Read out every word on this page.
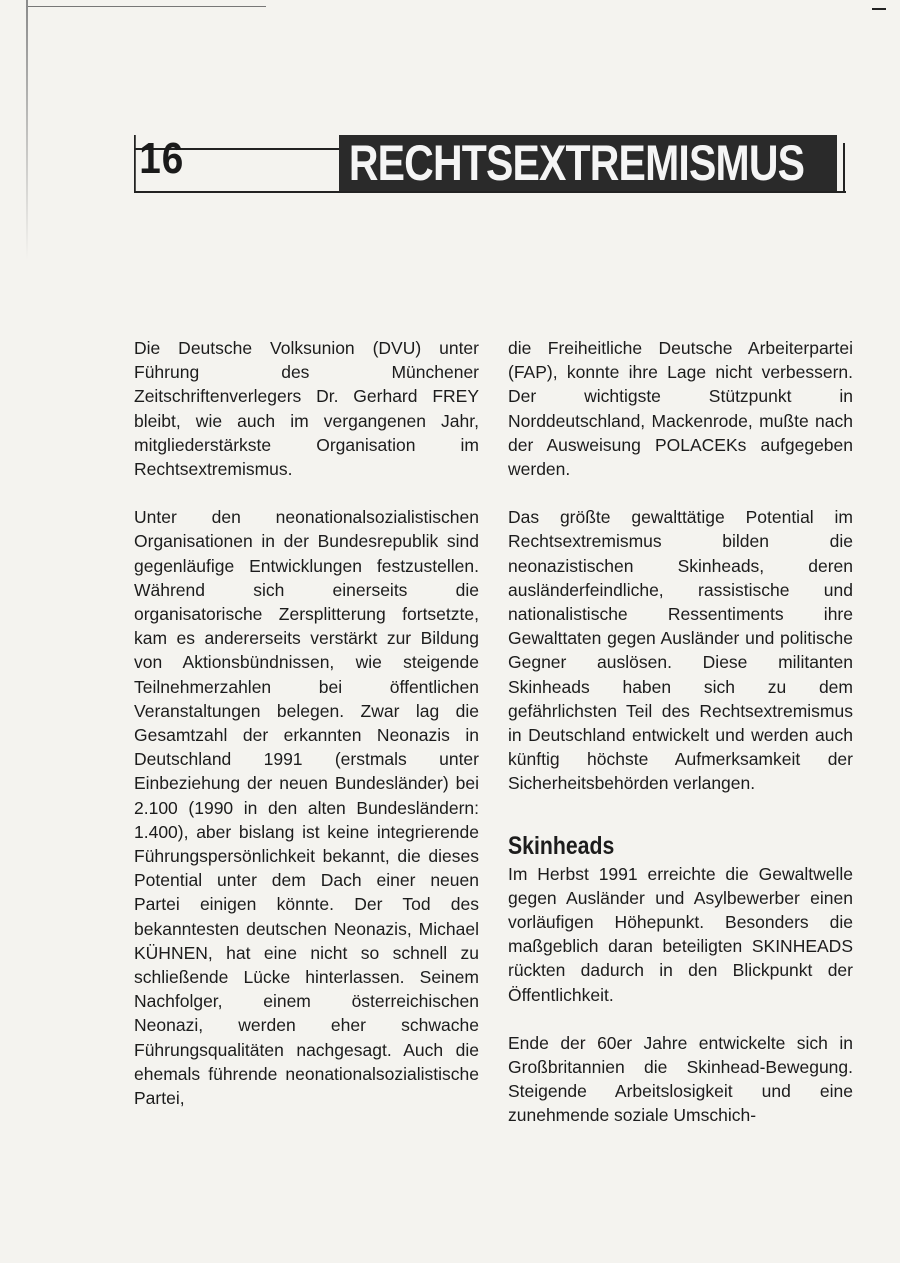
16	RECHTSEXTREMISMUS

Die Deutsche Volksunion (DVU) unter Führung des Münchener Zeitschriftenverlegers Dr. Gerhard FREY bleibt, wie auch im vergangenen Jahr, mitgliederstärkste Organisation im Rechtsextremismus.

Unter den neonationalsozialistischen Organisationen in der Bundesrepublik sind gegenläufige Entwicklungen festzustellen. Während sich einerseits die organisatorische Zersplitterung fortsetzte, kam es andererseits verstärkt zur Bildung von Aktionsbündnissen, wie steigende Teilnehmerzahlen bei öffentlichen Veranstaltungen belegen. Zwar lag die Gesamtzahl der erkannten Neonazis in Deutschland 1991 (erstmals unter Einbeziehung der neuen Bundesländer) bei 2.100 (1990 in den alten Bundesländern: 1.400), aber bislang ist keine integrierende Führungspersönlichkeit bekannt, die dieses Potential unter dem Dach einer neuen Partei einigen könnte. Der Tod des bekanntesten deutschen Neonazis, Michael KÜHNEN, hat eine nicht so schnell zu schließende Lücke hinterlassen. Seinem Nachfolger, einem österreichischen Neonazi, werden eher schwache Führungsqualitäten nachgesagt. Auch die ehemals führende neonationalsozialistische Partei,

die Freiheitliche Deutsche Arbeiterpartei (FAP), konnte ihre Lage nicht verbessern. Der wichtigste Stützpunkt in Norddeutschland, Mackenrode, mußte nach der Ausweisung POLACEKs aufgegeben werden.

Das größte gewalttätige Potential im Rechtsextremismus bilden die neonazistischen Skinheads, deren ausländerfeindliche, rassistische und nationalistische Ressentiments ihre Gewalttaten gegen Ausländer und politische Gegner auslösen. Diese militanten Skinheads haben sich zu dem gefährlichsten Teil des Rechtsextremismus in Deutschland entwickelt und werden auch künftig höchste Aufmerksamkeit der Sicherheitsbehörden verlangen.

Skinheads

Im Herbst 1991 erreichte die Gewaltwelle gegen Ausländer und Asylbewerber einen vorläufigen Höhepunkt. Besonders die maßgeblich daran beteiligten SKINHEADS rückten dadurch in den Blickpunkt der Öffentlichkeit.

Ende der 60er Jahre entwickelte sich in Großbritannien die Skinhead-Bewegung. Steigende Arbeitslosigkeit und eine zunehmende soziale Umschich-
